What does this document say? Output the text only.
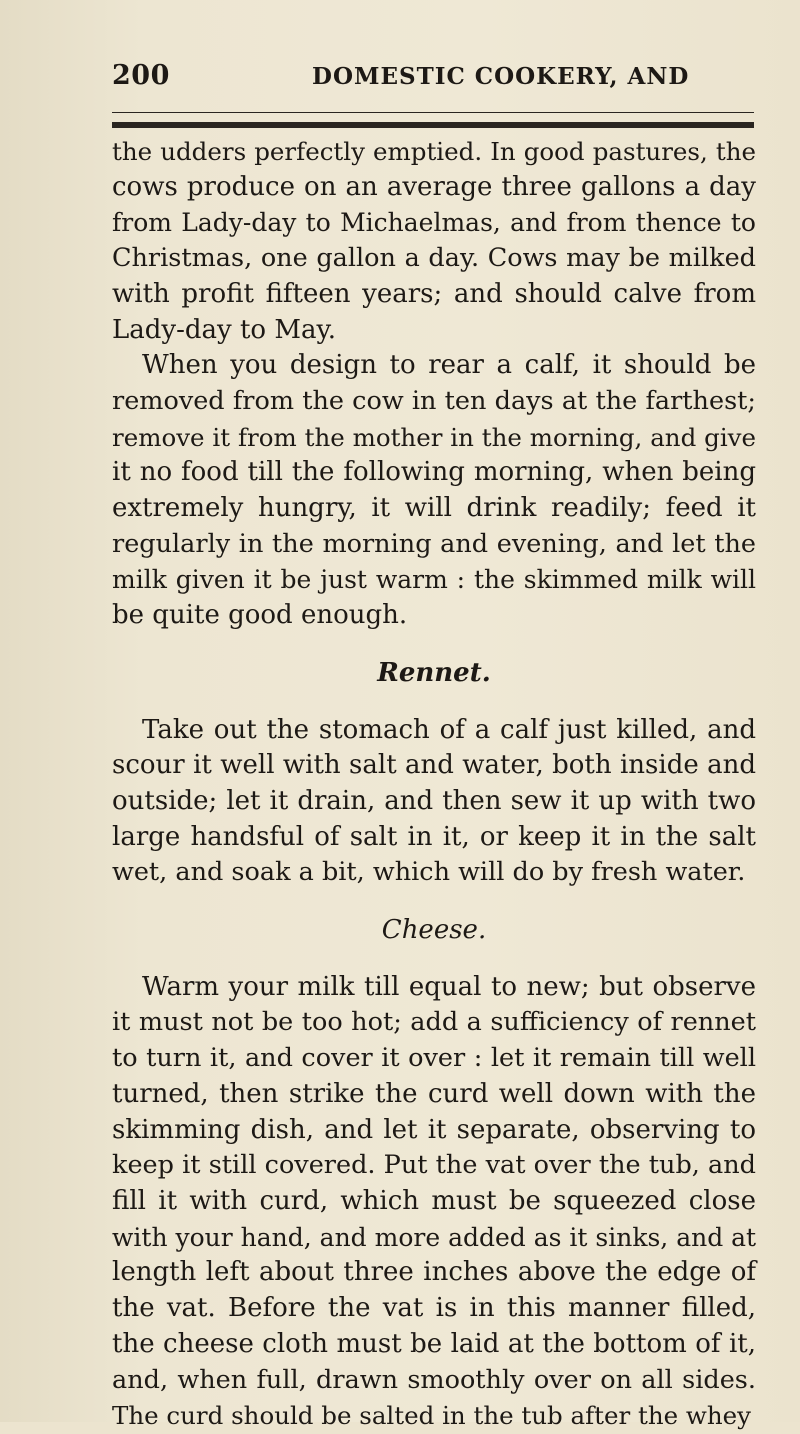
200	DOMESTIC COOKERY, AND
the udders perfectly emptied. In good pastures, the
cows produce on an average three gallons a day
from Lady-day to Michaelmas, and from thence to
Christmas, one gallon a day. Cows may be milked
with profit fifteen years; and should calve from
Lady-day to May.
When you design to rear a calf, it should be
removed from the cow in ten days at the farthest;
remove it from the mother in the morning, and give
it no food till the following morning, when being
extremely hungry, it will drink readily; feed it
regularly in the morning and evening, and let the
milk given it be just warm : the skimmed milk will
be quite good enough.
Rennet.
Take out the stomach of a calf just killed, and
scour it well with salt and water, both inside and
outside; let it drain, and then sew it up with two
large handsful of salt in it, or keep it in the salt
wet, and soak a bit, which will do by fresh water.
Cheese.
Warm your milk till equal to new; but observe
it must not be too hot; add a sufficiency of rennet
to turn it, and cover it over : let it remain till well
turned, then strike the curd well down with the
skimming dish, and let it separate, observing to
keep it still covered. Put the vat over the tub, and
fill it with curd, which must be squeezed close
with your hand, and more added as it sinks, and at
length left about three inches above the edge of
the vat. Before the vat is in this manner filled,
the cheese cloth must be laid at the bottom of it,
and, when full, drawn smoothly over on all sides.
The curd should be salted in the tub after the whey
